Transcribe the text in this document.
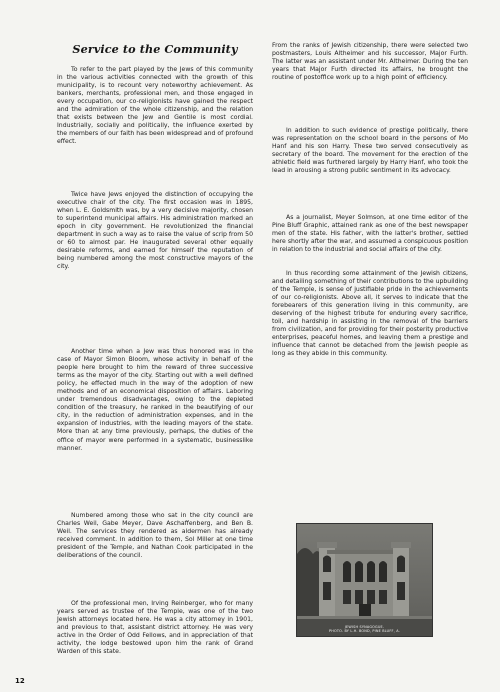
Service to the Community

To refer to the part played by the Jews of this community in the various activities connected with the growth of this municipality, is to recount very noteworthy achievement. As bankers, merchants, professional men, and those engaged in every occupation, our co-religionists have gained the respect and the admiration of the whole citizenship, and the relation that exists between the Jew and Gentile is most cordial. Industrially, socially and politically, the influence exerted by the members of our faith has been widespread and of profound effect.

Twice have Jews enjoyed the distinction of occupying the executive chair of the city. The first occasion was in 1895, when L. E. Goldsmith was, by a very decisive majority, chosen to superintend municipal affairs. His administration marked an epoch in city government. He revolutionized the financial department in such a way as to raise the value of scrip from 50 or 60 to almost par. He inaugurated several other equally desirable reforms, and earned for himself the reputation of being numbered among the most constructive mayors of the city.

Another time when a Jew was thus honored was in the case of Mayor Simon Bloom, whose activity in behalf of the people here brought to him the reward of three successive terms as the mayor of the city. Starting out with a well defined policy, he effected much in the way of the adoption of new methods and of an economical disposition of affairs. Laboring under tremendous disadvantages, owing to the depleted condition of the treasury, he ranked in the beautifying of our city, in the reduction of administration expenses, and in the expansion of industries, with the leading mayors of the state. More than at any time previously, perhaps, the duties of the office of mayor were performed in a systematic, businesslike manner.

Numbered among those who sat in the city council are Charles Weil, Gabe Meyer, Dave Aschaffenberg, and Ben B. Weil. The services they rendered as aldermen has already received comment. In addition to them, Sol Miller at one time president of the Temple, and Nathan Cook participated in the deliberations of the council.

Of the professional men, Irving Reinberger, who for many years served as trustee of the Temple, was one of the two Jewish attorneys located here. He was a city attorney in 1901, and previous to that, assistant district attorney. He was very active in the Order of Odd Fellows, and in appreciation of that activity, the lodge bestowed upon him the rank of Grand Warden of this state.

From the ranks of Jewish citizenship, there were selected two postmasters, Louis Altheimer and his successor, Major Furth. The latter was an assistant under Mr. Altheimer. During the ten years that Major Furth directed its affairs, he brought the routine of postoffice work up to a high point of efficiency.

In addition to such evidence of prestige politically, there was representation on the school board in the persons of Mo Hanf and his son Harry. These two served consecutively as secretary of the board. The movement for the erection of the athletic field was furthered largely by Harry Hanf, who took the lead in arousing a strong public sentiment in its advocacy.

As a journalist, Meyer Solmson, at one time editor of the Pine Bluff Graphic, attained rank as one of the best newspaper men of the state. His father, with the latter's brother, settled here shortly after the war, and assumed a conspicuous position in relation to the industrial and social affairs of the city.

In thus recording some attainment of the Jewish citizens, and detailing something of their contributions to the upbuilding of the Temple, is sense of justifiable pride in the achievements of our co-religionists. Above all, it serves to indicate that the forebearers of this generation living in this community, are deserving of the highest tribute for enduring every sacrifice, toil, and hardship in assisting in the removal of the barriers from civilization, and for providing for their posterity productive enterprises, peaceful homes, and leaving them a prestige and influence that cannot be detached from the Jewish people as long as they abide in this community.

JEWISH SYNAGOGUE.
PHOTO. BY L.H. BOND, PINE BLUFF, A.

12
